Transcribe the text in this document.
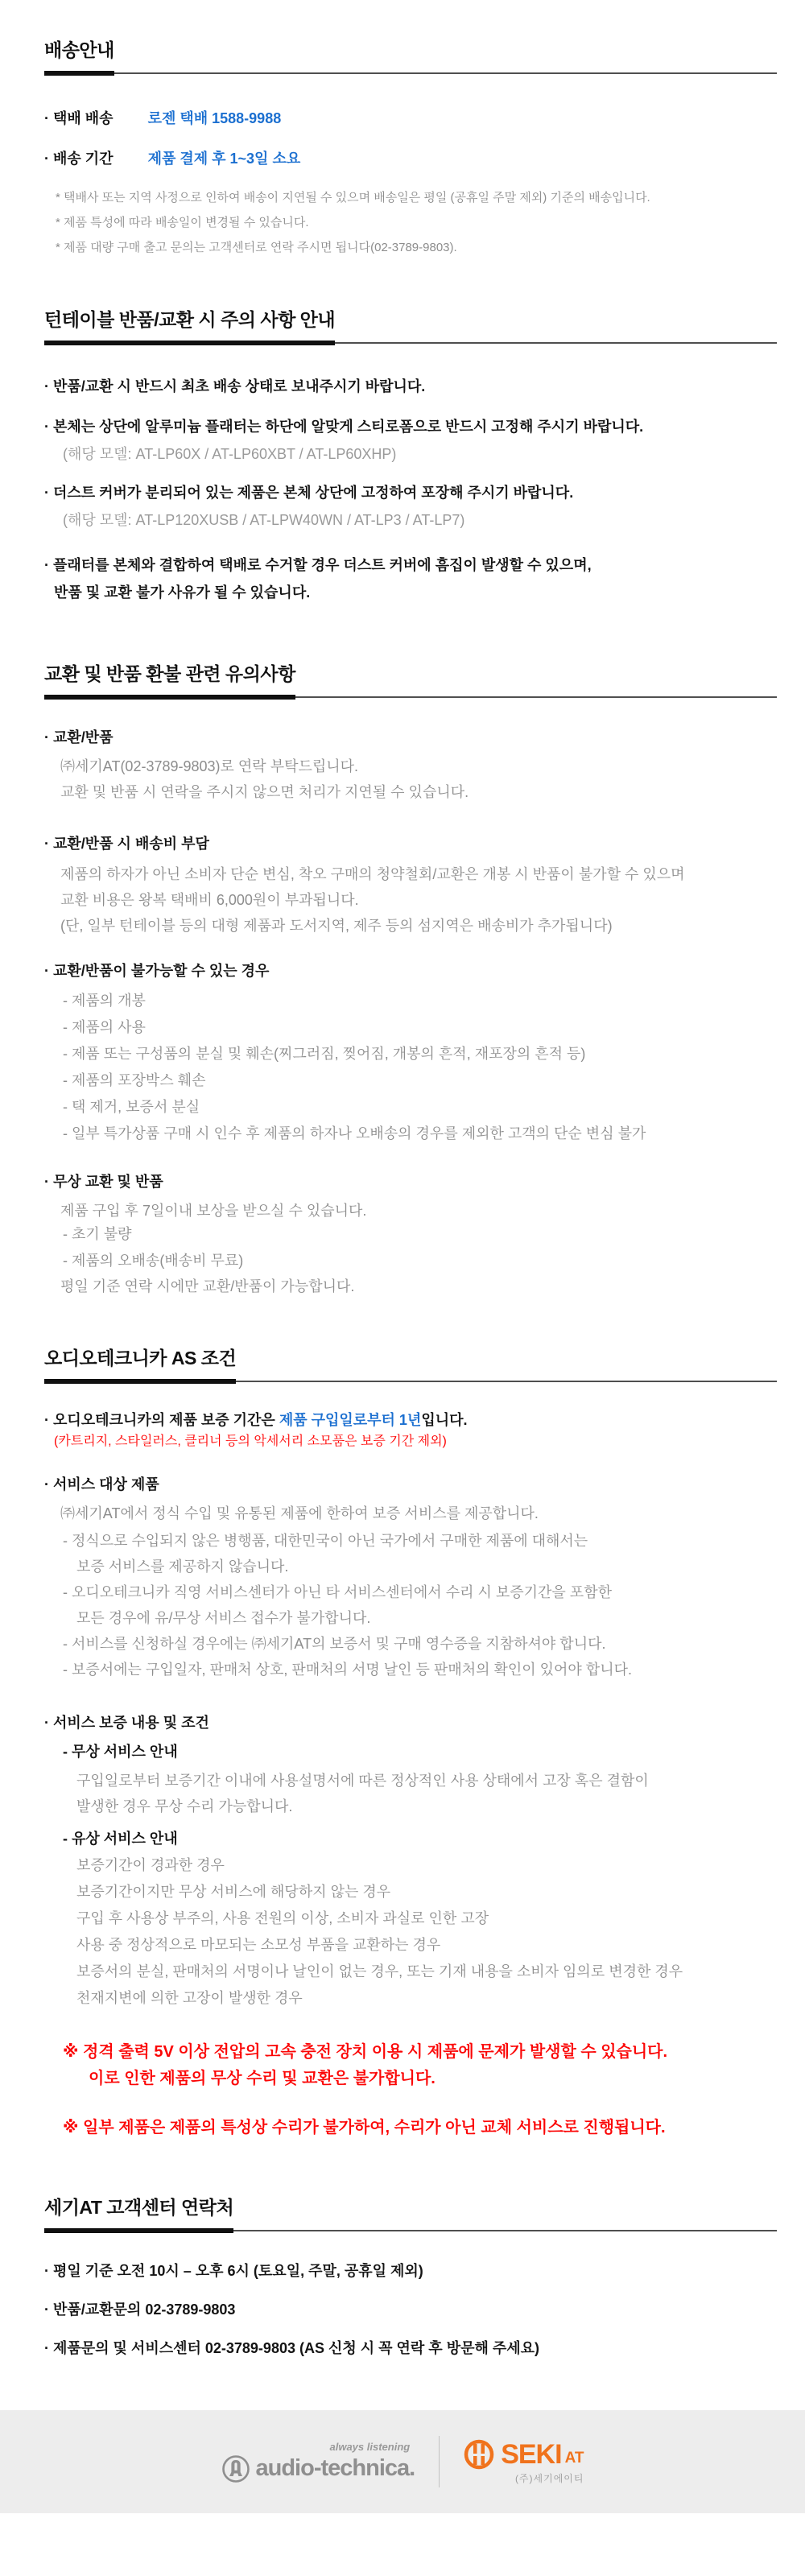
배송안내
· 택배 배송 로젠 택배 1588-9988
· 배송 기간 제품 결제 후 1~3일 소요
* 택배사 또는 지역 사정으로 인하여 배송이 지연될 수 있으며 배송일은 평일 (공휴일 주말 제외) 기준의 배송입니다.
* 제품 특성에 따라 배송일이 변경될 수 있습니다.
* 제품 대량 구매 출고 문의는 고객센터로 연락 주시면 됩니다(02-3789-9803).
턴테이블 반품/교환 시 주의 사항 안내
· 반품/교환 시 반드시 최초 배송 상태로 보내주시기 바랍니다.
· 본체는 상단에 알루미늄 플래터는 하단에 알맞게 스티로폼으로 반드시 고정해 주시기 바랍니다.
(해당 모델: AT-LP60X / AT-LP60XBT / AT-LP60XHP)
· 더스트 커버가 분리되어 있는 제품은 본체 상단에 고정하여 포장해 주시기 바랍니다.
(해당 모델: AT-LP120XUSB / AT-LPW40WN / AT-LP3 / AT-LP7)
· 플래터를 본체와 결합하여 택배로 수거할 경우 더스트 커버에 흠집이 발생할 수 있으며,
반품 및 교환 불가 사유가 될 수 있습니다.
교환 및 반품 환불 관련 유의사항
· 교환/반품
㈜세기AT(02-3789-9803)로 연락 부탁드립니다.
교환 및 반품 시 연락을 주시지 않으면 처리가 지연될 수 있습니다.
· 교환/반품 시 배송비 부담
제품의 하자가 아닌 소비자 단순 변심, 착오 구매의 청약철회/교환은 개봉 시 반품이 불가할 수 있으며
교환 비용은 왕복 택배비 6,000원이 부과됩니다.
(단, 일부 턴테이블 등의 대형 제품과 도서지역, 제주 등의 섬지역은 배송비가 추가됩니다)
· 교환/반품이 불가능할 수 있는 경우
- 제품의 개봉
- 제품의 사용
- 제품 또는 구성품의 분실 및 훼손(찌그러짐, 찢어짐, 개봉의 흔적, 재포장의 흔적 등)
- 제품의 포장박스 훼손
- 택 제거, 보증서 분실
- 일부 특가상품 구매 시 인수 후 제품의 하자나 오배송의 경우를 제외한 고객의 단순 변심 불가
· 무상 교환 및 반품
제품 구입 후 7일이내 보상을 받으실 수 있습니다.
- 초기 불량
- 제품의 오배송(배송비 무료)
평일 기준 연락 시에만 교환/반품이 가능합니다.
오디오테크니카 AS 조건
· 오디오테크니카의 제품 보증 기간은 제품 구입일로부터 1년입니다.
(카트리지, 스타일러스, 클리너 등의 악세서리 소모품은 보증 기간 제외)
· 서비스 대상 제품
㈜세기AT에서 정식 수입 및 유통된 제품에 한하여 보증 서비스를 제공합니다.
- 정식으로 수입되지 않은 병행품, 대한민국이 아닌 국가에서 구매한 제품에 대해서는
보증 서비스를 제공하지 않습니다.
- 오디오테크니카 직영 서비스센터가 아닌 타 서비스센터에서 수리 시 보증기간을 포함한
모든 경우에 유/무상 서비스 접수가 불가합니다.
- 서비스를 신청하실 경우에는 ㈜세기AT의 보증서 및 구매 영수증을 지참하셔야 합니다.
- 보증서에는 구입일자, 판매처 상호, 판매처의 서명 날인 등 판매처의 확인이 있어야 합니다.
· 서비스 보증 내용 및 조건
- 무상 서비스 안내
구입일로부터 보증기간 이내에 사용설명서에 따른 정상적인 사용 상태에서 고장 혹은 결함이
발생한 경우 무상 수리 가능합니다.
- 유상 서비스 안내
보증기간이 경과한 경우
보증기간이지만 무상 서비스에 해당하지 않는 경우
구입 후 사용상 부주의, 사용 전원의 이상, 소비자 과실로 인한 고장
사용 중 정상적으로 마모되는 소모성 부품을 교환하는 경우
보증서의 분실, 판매처의 서명이나 날인이 없는 경우, 또는 기재 내용을 소비자 임의로 변경한 경우
천재지변에 의한 고장이 발생한 경우
※ 정격 출력 5V 이상 전압의 고속 충전 장치 이용 시 제품에 문제가 발생할 수 있습니다.
이로 인한 제품의 무상 수리 및 교환은 불가합니다.
※ 일부 제품은 제품의 특성상 수리가 불가하여, 수리가 아닌 교체 서비스로 진행됩니다.
세기AT 고객센터 연락처
· 평일 기준 오전 10시 – 오후 6시 (토요일, 주말, 공휴일 제외)
· 반품/교환문의 02-3789-9803
· 제품문의 및 서비스센터 02-3789-9803 (AS 신청 시 꼭 연락 후 방문해 주세요)
always listening
audio-technica.	SEKI AT
(주)세기에이티
